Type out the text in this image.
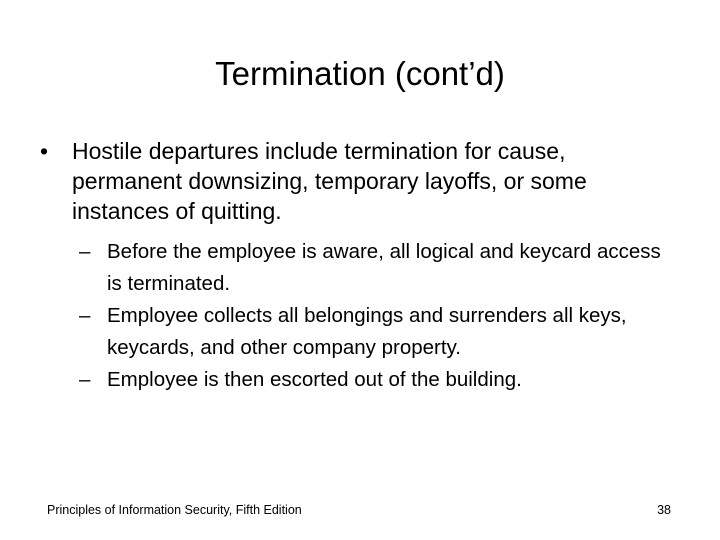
Termination (cont’d)
•	Hostile departures include termination for cause, permanent downsizing, temporary layoffs, or some instances of quitting.
– Before the employee is aware, all logical and keycard access is terminated.
– Employee collects all belongings and surrenders all keys, keycards, and other company property.
– Employee is then escorted out of the building.
Principles of Information Security, Fifth Edition	38
